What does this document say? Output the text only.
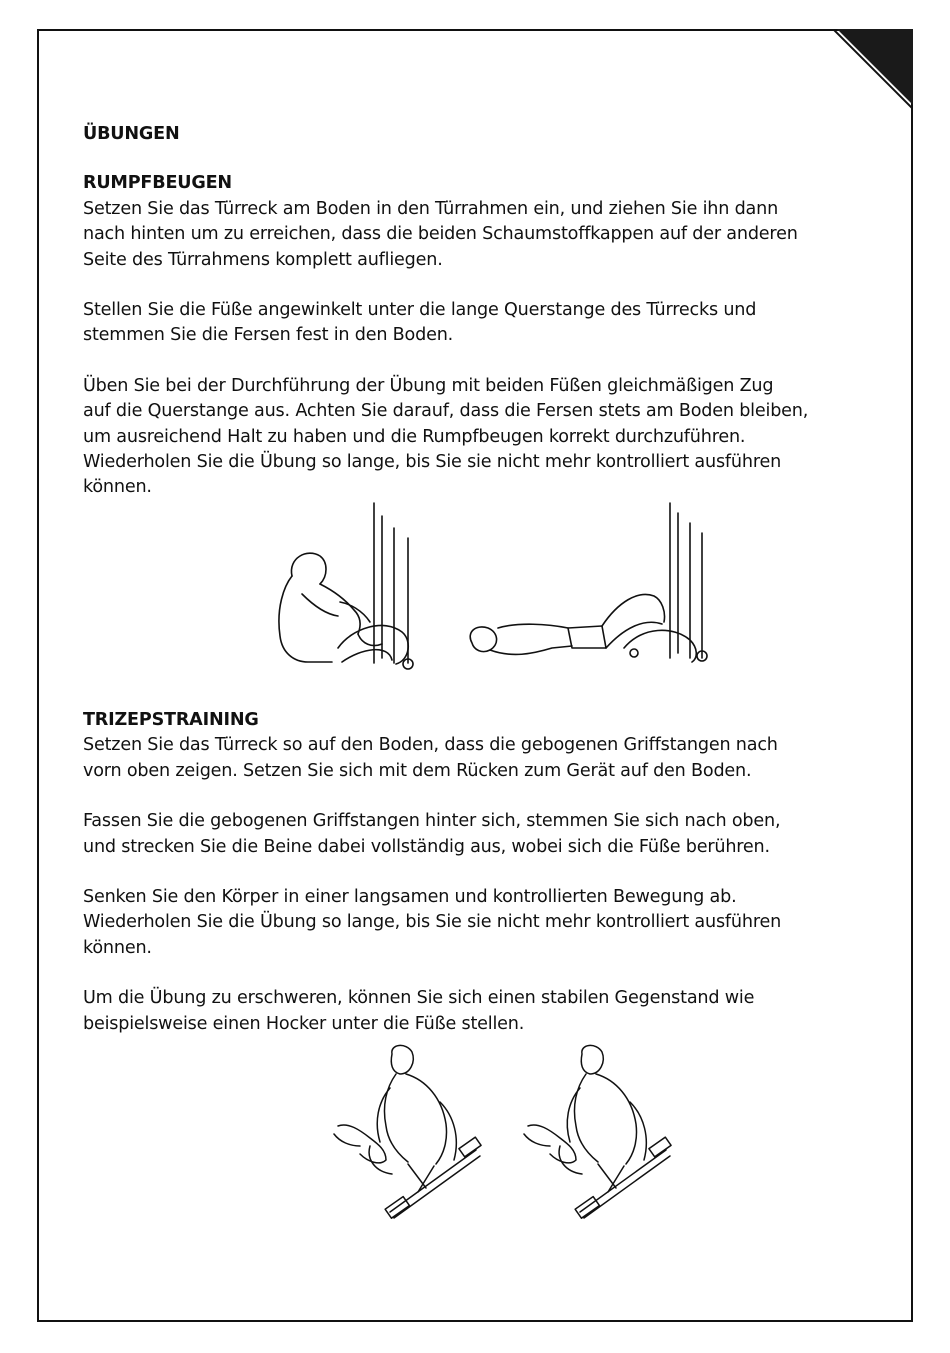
ÜBUNGEN
RUMPFBEUGEN

Setzen Sie das Türreck am Boden in den Türrahmen ein, und ziehen Sie ihn dann
nach hinten um zu erreichen, dass die beiden Schaumstoffkappen auf der anderen
Seite des Türrahmens komplett aufliegen.

Stellen Sie die Füße angewinkelt unter die lange Querstange des Türrecks und
stemmen Sie die Fersen fest in den Boden.

Üben Sie bei der Durchführung der Übung mit beiden Füßen gleichmäßigen Zug
auf die Querstange aus. Achten Sie darauf, dass die Fersen stets am Boden bleiben,
um ausreichend Halt zu haben und die Rumpfbeugen korrekt durchzuführen.
Wiederholen Sie die Übung so lange, bis Sie sie nicht mehr kontrolliert ausführen
können.

TRIZEPSTRAINING

Setzen Sie das Türreck so auf den Boden, dass die gebogenen Griffstangen nach
vorn oben zeigen. Setzen Sie sich mit dem Rücken zum Gerät auf den Boden.

Fassen Sie die gebogenen Griffstangen hinter sich, stemmen Sie sich nach oben,
und strecken Sie die Beine dabei vollständig aus, wobei sich die Füße berühren.

Senken Sie den Körper in einer langsamen und kontrollierten Bewegung ab.
Wiederholen Sie die Übung so lange, bis Sie sie nicht mehr kontrolliert ausführen
können.

Um die Übung zu erschweren, können Sie sich einen stabilen Gegenstand wie
beispielsweise einen Hocker unter die Füße stellen.
